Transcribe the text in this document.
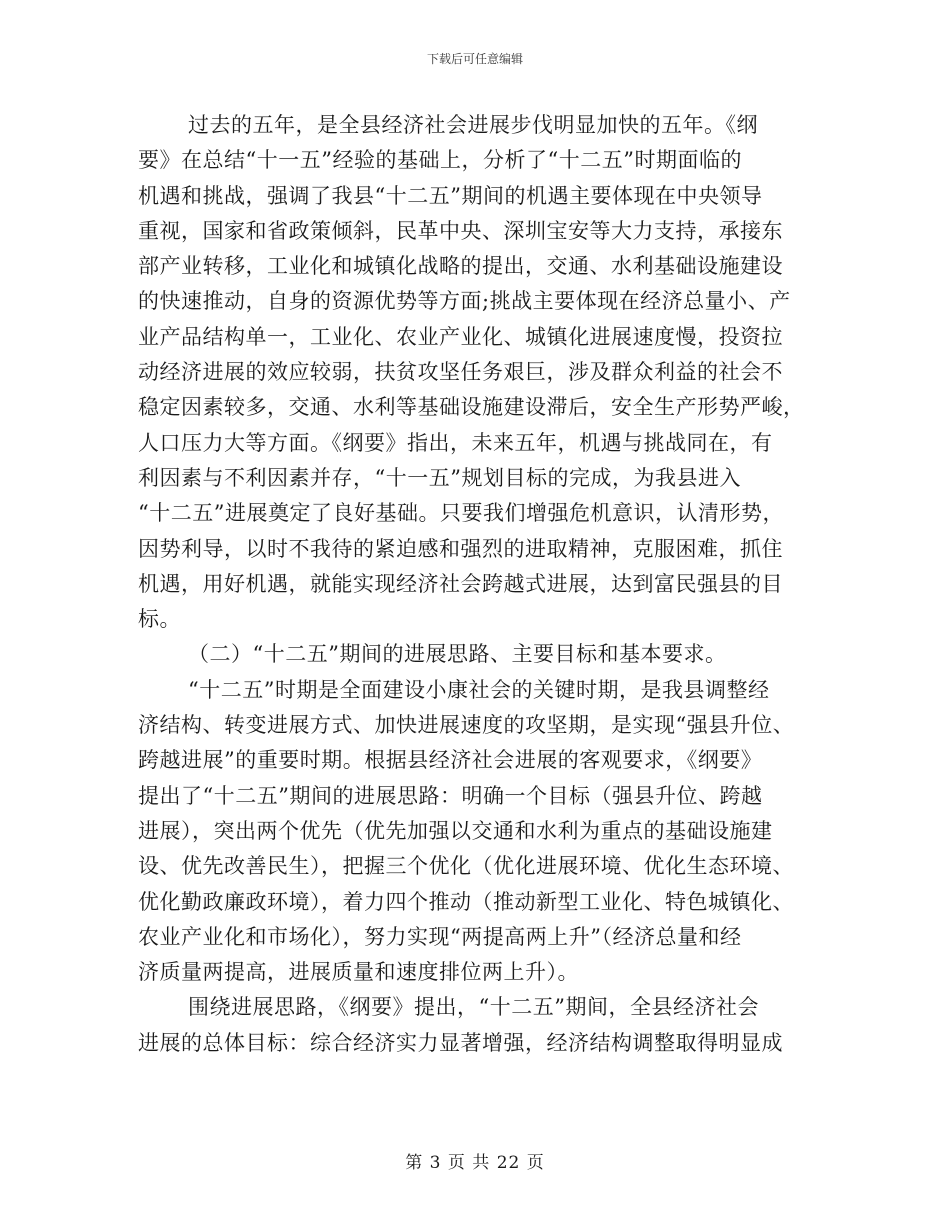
下载后可任意编辑
过去的五年，是全县经济社会进展步伐明显加快的五年。《纲
要》在总结“十一五”经验的基础上，分析了“十二五”时期面临的
机遇和挑战，强调了我县“十二五”期间的机遇主要体现在中央领导
重视，国家和省政策倾斜，民革中央、深圳宝安等大力支持，承接东
部产业转移，工业化和城镇化战略的提出，交通、水利基础设施建设
的快速推动，自身的资源优势等方面;挑战主要体现在经济总量小、产
业产品结构单一，工业化、农业产业化、城镇化进展速度慢，投资拉
动经济进展的效应较弱，扶贫攻坚任务艰巨，涉及群众利益的社会不
稳定因素较多，交通、水利等基础设施建设滞后，安全生产形势严峻，
人口压力大等方面。《纲要》指出，未来五年，机遇与挑战同在，有
利因素与不利因素并存，“十一五”规划目标的完成，为我县进入
“十二五”进展奠定了良好基础。只要我们增强危机意识，认清形势，
因势利导，以时不我待的紧迫感和强烈的进取精神，克服困难，抓住
机遇，用好机遇，就能实现经济社会跨越式进展，达到富民强县的目
标。
（二）“十二五”期间的进展思路、主要目标和基本要求。
“十二五”时期是全面建设小康社会的关键时期，是我县调整经
济结构、转变进展方式、加快进展速度的攻坚期，是实现“强县升位、
跨越进展”的重要时期。根据县经济社会进展的客观要求，《纲要》
提出了“十二五”期间的进展思路：明确一个目标（强县升位、跨越
进展），突出两个优先（优先加强以交通和水利为重点的基础设施建
设、优先改善民生），把握三个优化（优化进展环境、优化生态环境、
优化勤政廉政环境），着力四个推动（推动新型工业化、特色城镇化、
农业产业化和市场化），努力实现“两提高两上升”（经济总量和经
济质量两提高，进展质量和速度排位两上升）。
围绕进展思路，《纲要》提出，“十二五”期间，全县经济社会
进展的总体目标：综合经济实力显著增强，经济结构调整取得明显成
第 3 页 共 22 页
